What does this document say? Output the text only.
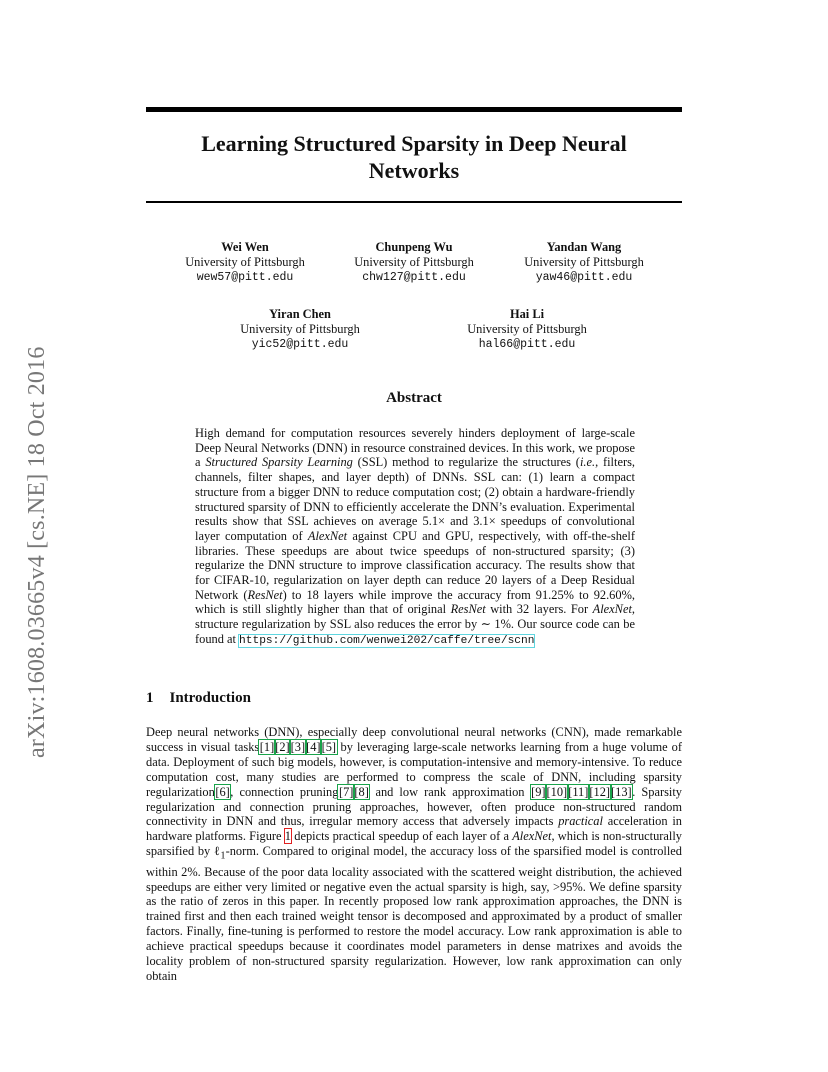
arXiv:1608.03665v4 [cs.NE] 18 Oct 2016
Learning Structured Sparsity in Deep Neural
Networks
Wei Wen
University of Pittsburgh
wew57@pitt.edu
Chunpeng Wu
University of Pittsburgh
chw127@pitt.edu
Yandan Wang
University of Pittsburgh
yaw46@pitt.edu
Yiran Chen
University of Pittsburgh
yic52@pitt.edu
Hai Li
University of Pittsburgh
hal66@pitt.edu
Abstract

High demand for computation resources severely hinders deployment of large-scale Deep Neural Networks (DNN) in resource constrained devices. In this work, we propose a Structured Sparsity Learning (SSL) method to regularize the structures (i.e., filters, channels, filter shapes, and layer depth) of DNNs. SSL can: (1) learn a compact structure from a bigger DNN to reduce computation cost; (2) obtain a hardware-friendly structured sparsity of DNN to efficiently accelerate the DNN’s evaluation. Experimental results show that SSL achieves on average 5.1× and 3.1× speedups of convolutional layer computation of AlexNet against CPU and GPU, respectively, with off-the-shelf libraries. These speedups are about twice speedups of non-structured sparsity; (3) regularize the DNN structure to improve classification accuracy. The results show that for CIFAR-10, regularization on layer depth can reduce 20 layers of a Deep Residual Network (ResNet) to 18 layers while improve the accuracy from 91.25% to 92.60%, which is still slightly higher than that of original ResNet with 32 layers. For AlexNet, structure regularization by SSL also reduces the error by ∼ 1%. Our source code can be found at https://github.com/wenwei202/caffe/tree/scnn

1 Introduction

Deep neural networks (DNN), especially deep convolutional neural networks (CNN), made remarkable success in visual tasks[1][2][3][4][5] by leveraging large-scale networks learning from a huge volume of data. Deployment of such big models, however, is computation-intensive and memory-intensive. To reduce computation cost, many studies are performed to compress the scale of DNN, including sparsity regularization[6], connection pruning[7][8] and low rank approximation [9][10][11][12][13]. Sparsity regularization and connection pruning approaches, however, often produce non-structured random connectivity in DNN and thus, irregular memory access that adversely impacts practical acceleration in hardware platforms. Figure 1 depicts practical speedup of each layer of a AlexNet, which is non-structurally sparsified by ℓ$_1$-norm. Compared to original model, the accuracy loss of the sparsified model is controlled within 2%. Because of the poor data locality associated with the scattered weight distribution, the achieved speedups are either very limited or negative even the actual sparsity is high, say, >95%. We define sparsity as the ratio of zeros in this paper. In recently proposed low rank approximation approaches, the DNN is trained first and then each trained weight tensor is decomposed and approximated by a product of smaller factors. Finally, fine-tuning is performed to restore the model accuracy. Low rank approximation is able to achieve practical speedups because it coordinates model parameters in dense matrixes and avoids the locality problem of non-structured sparsity regularization. However, low rank approximation can only obtain
